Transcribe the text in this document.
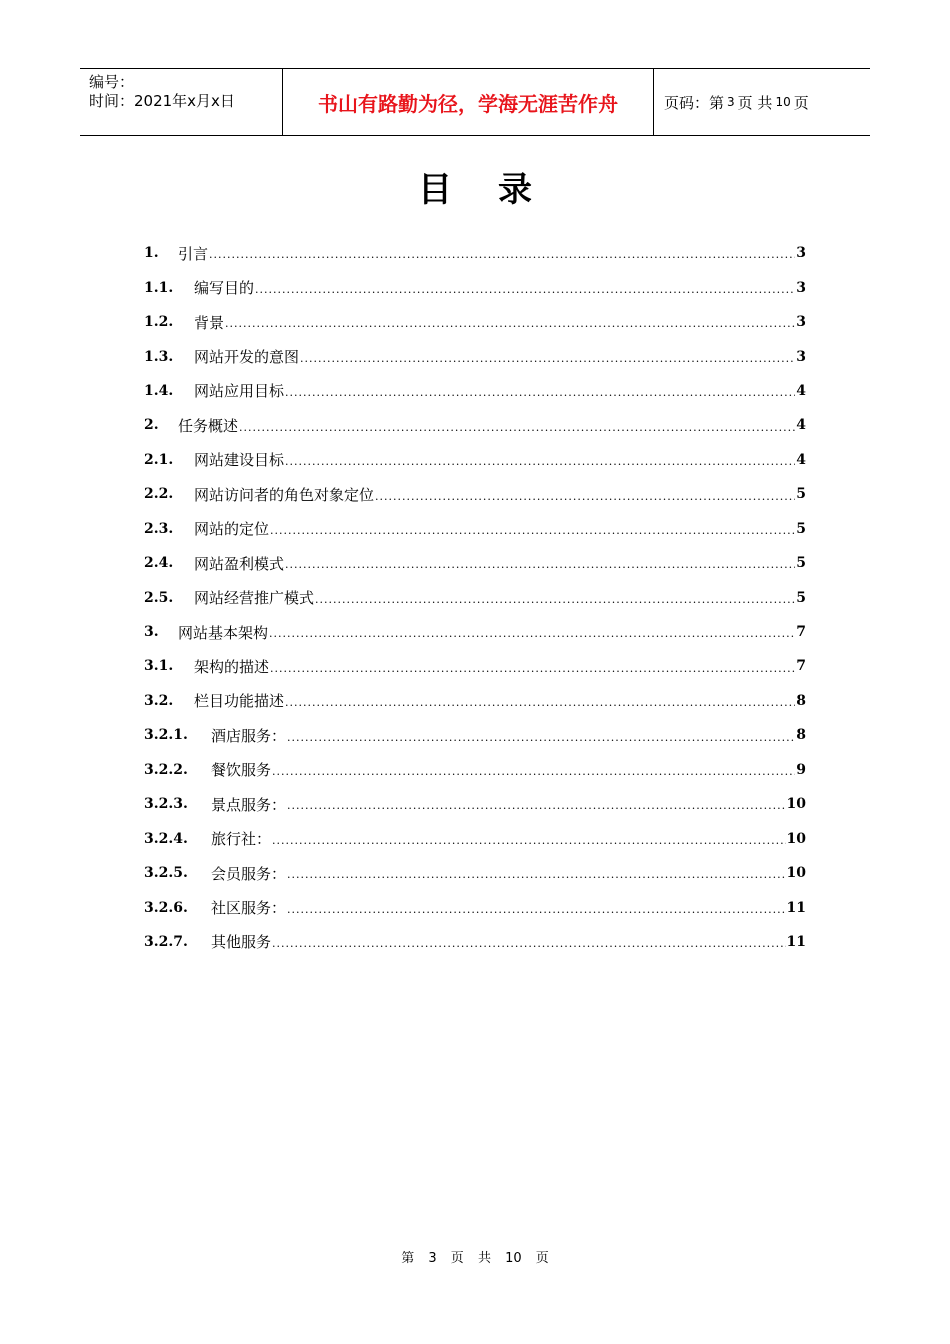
编号：
时间：2021年x月x日	书山有路勤为径，学海无涯苦作舟	页码：第 3 页 共 10 页
目录
1.	引言 .....	3
1.1.	编写目的 .....	3
1.2.	背景 .....	3
1.3.	网站开发的意图 .....	3
1.4.	网站应用目标 .....	4
2.	任务概述 .....	4
2.1.	网站建设目标 .....	4
2.2.	网站访问者的角色对象定位 .....	5
2.3.	网站的定位 .....	5
2.4.	网站盈利模式 .....	5
2.5.	网站经营推广模式 .....	5
3.	网站基本架构 .....	7
3.1.	架构的描述 .....	7
3.2.	栏目功能描述 .....	8
3.2.1.	酒店服务： .....	8
3.2.2.	餐饮服务 .....	9
3.2.3.	景点服务： .....	10
3.2.4.	旅行社： .....	10
3.2.5.	会员服务： .....	10
3.2.6.	社区服务： .....	11
3.2.7.	其他服务 .....	11
第 3 页 共 10 页
